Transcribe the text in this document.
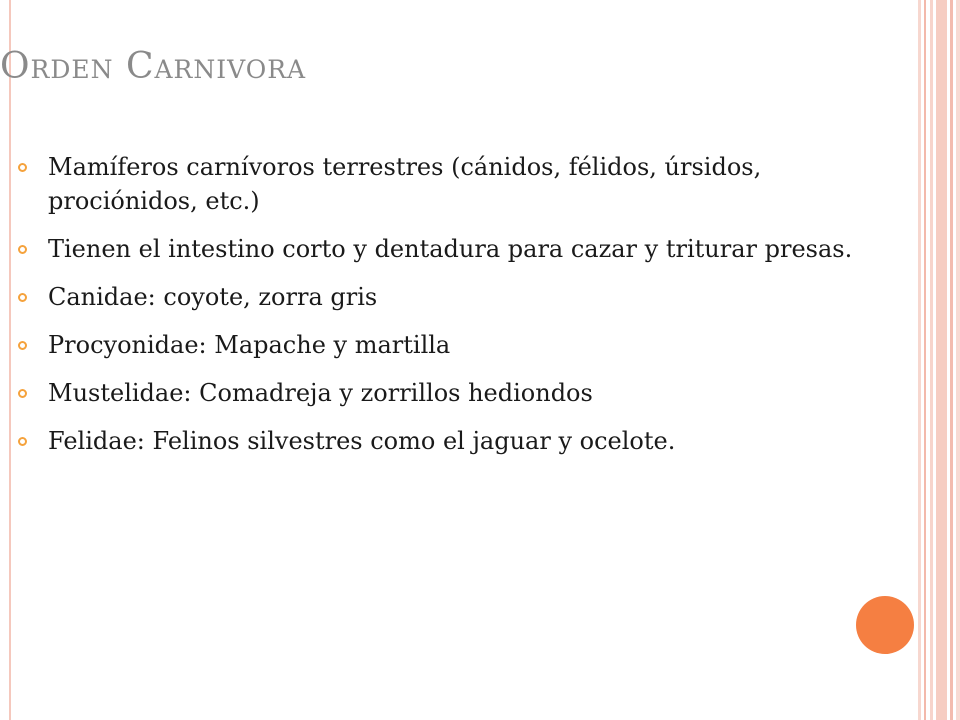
Orden Carnivora
Mamíferos carnívoros terrestres (cánidos, félidos, úrsidos, prociónidos, etc.)
Tienen el intestino corto y dentadura para cazar y triturar presas.
Canidae: coyote, zorra gris
Procyonidae: Mapache y martilla
Mustelidae: Comadreja y zorrillos hediondos
Felidae: Felinos silvestres como el jaguar y ocelote.
